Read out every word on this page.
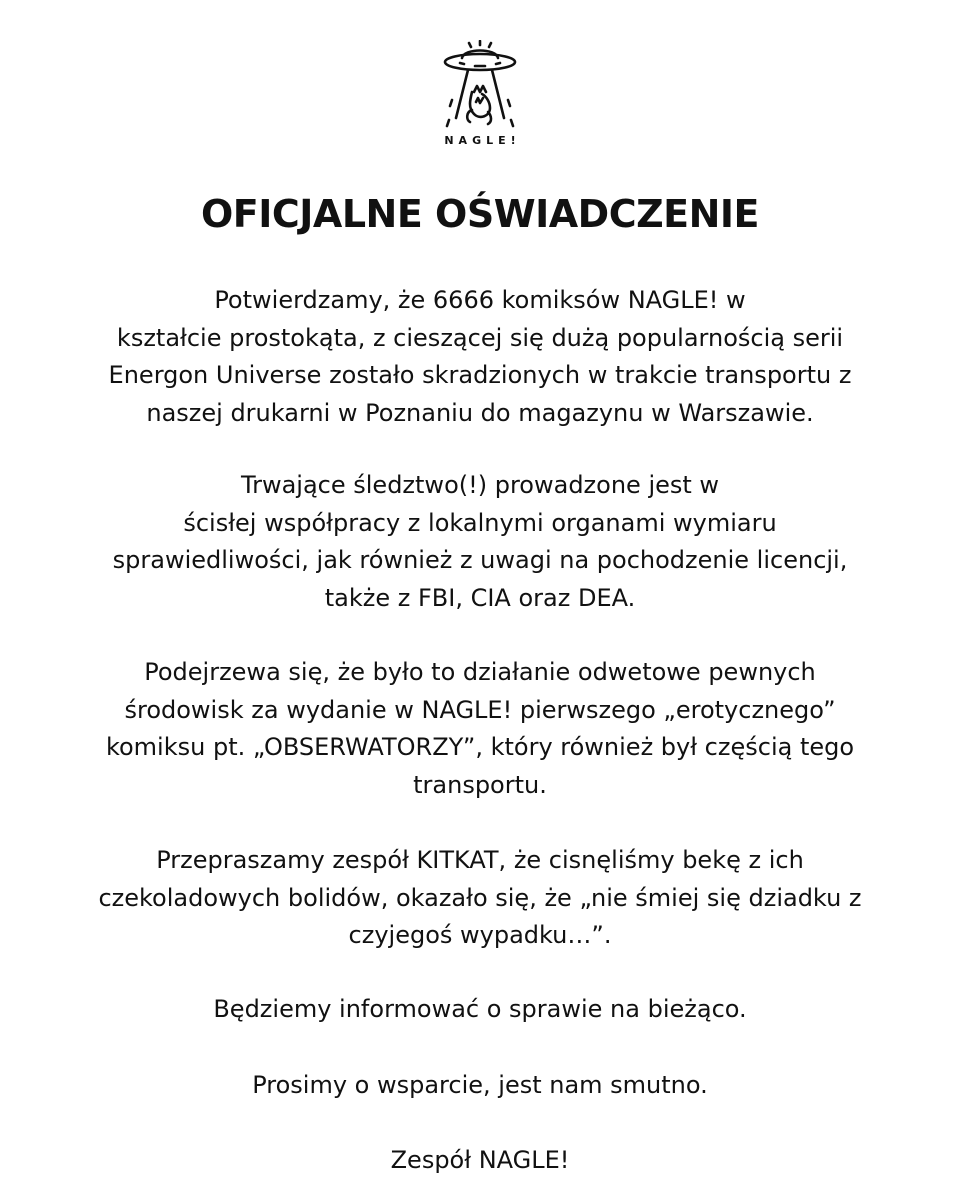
NAGLE!
OFICJALNE OŚWIADCZENIE

Potwierdzamy, że 6666 komiksów NAGLE! w
kształcie prostokąta, z cieszącej się dużą popularnością serii
Energon Universe zostało skradzionych w trakcie transportu z
naszej drukarni w Poznaniu do magazynu w Warszawie.

Trwające śledztwo(!) prowadzone jest w
ścisłej współpracy z lokalnymi organami wymiaru
sprawiedliwości, jak również z uwagi na pochodzenie licencji,
także z FBI, CIA oraz DEA.

Podejrzewa się, że było to działanie odwetowe pewnych
środowisk za wydanie w NAGLE! pierwszego „erotycznego”
komiksu pt. „OBSERWATORZY”, który również był częścią tego
transportu.

Przepraszamy zespół KITKAT, że cisnęliśmy bekę z ich
czekoladowych bolidów, okazało się, że „nie śmiej się dziadku z
czyjegoś wypadku…”.

Będziemy informować o sprawie na bieżąco.

Prosimy o wsparcie, jest nam smutno.

Zespół NAGLE!
